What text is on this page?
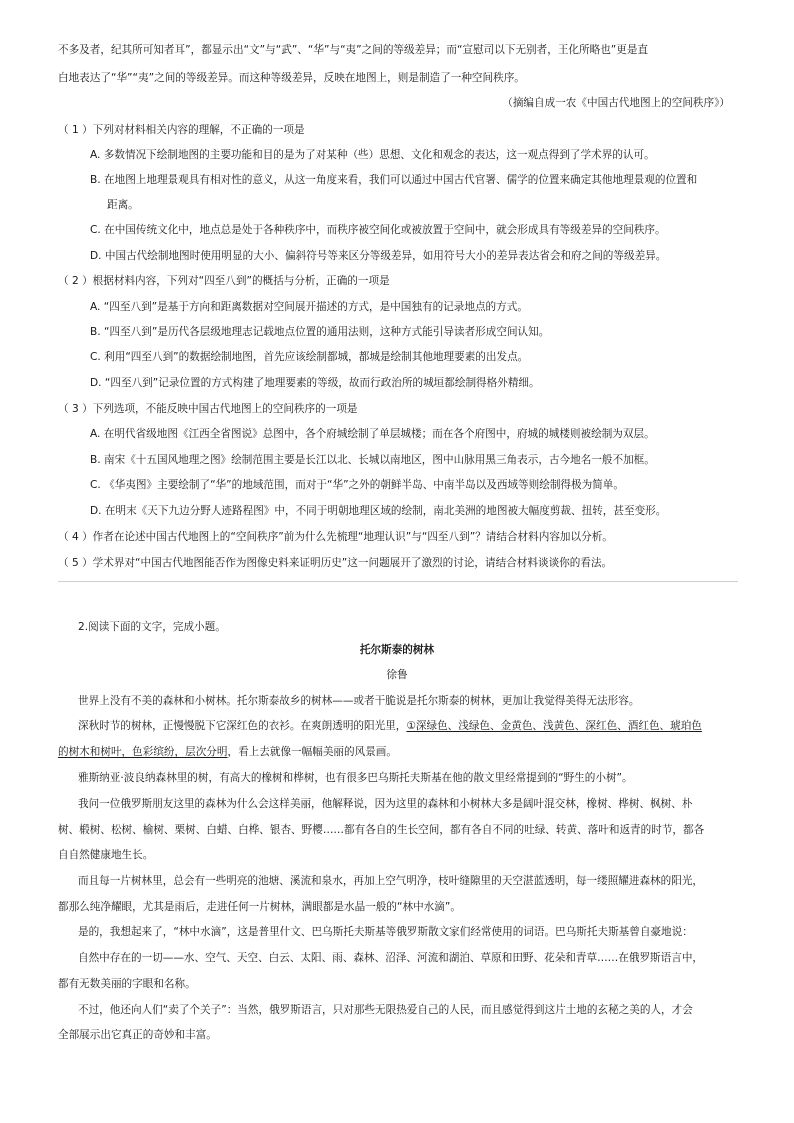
不多及者，纪其所可知者耳”，都显示出“文”与“武”、“华”与“夷”之间的等级差异；而“宣慰司以下无别者，王化所略也”更是直
白地表达了“华”“夷”之间的等级差异。而这种等级差异，反映在地图上，则是制造了一种空间秩序。
（摘编自成一农《中国古代地图上的空间秩序》）
（ 1 ）下列对材料相关内容的理解，不正确的一项是
A. 多数情况下绘制地图的主要功能和目的是为了对某种（些）思想、文化和观念的表达，这一观点得到了学术界的认可。
B. 在地图上地理景观具有相对性的意义，从这一角度来看，我们可以通过中国古代官署、儒学的位置来确定其他地理景观的位置和
距离。
C. 在中国传统文化中，地点总是处于各种秩序中，而秩序被空间化或被放置于空间中，就会形成具有等级差异的空间秩序。
D. 中国古代绘制地图时使用明显的大小、偏斜符号等来区分等级差异，如用符号大小的差异表达省会和府之间的等级差异。
（ 2 ）根据材料内容，下列对“四至八到”的概括与分析，正确的一项是
A. “四至八到”是基于方向和距离数据对空间展开描述的方式，是中国独有的记录地点的方式。
B. “四至八到”是历代各层级地理志记载地点位置的通用法则，这种方式能引导读者形成空间认知。
C. 利用“四至八到”的数据绘制地图，首先应该绘制都城，都城是绘制其他地理要素的出发点。
D. “四至八到”记录位置的方式构建了地理要素的等级，故而行政治所的城垣都绘制得格外精细。
（ 3 ）下列选项，不能反映中国古代地图上的空间秩序的一项是
A. 在明代省级地图《江西全省图说》总图中，各个府城绘制了单层城楼；而在各个府图中，府城的城楼则被绘制为双层。
B. 南宋《十五国风地理之图》绘制范围主要是长江以北、长城以南地区，图中山脉用黑三角表示，古今地名一般不加框。
C. 《华夷图》主要绘制了“华”的地域范围，而对于“华”之外的朝鲜半岛、中南半岛以及西域等则绘制得极为简单。
D. 在明末《天下九边分野人迹路程图》中，不同于明朝地理区域的绘制，南北美洲的地图被大幅度剪裁、扭转，甚至变形。
（ 4 ）作者在论述中国古代地图上的“空间秩序”前为什么先梳理“地理认识”与“四至八到”？请结合材料内容加以分析。
（ 5 ）学术界对“中国古代地图能否作为图像史料来证明历史”这一问题展开了激烈的讨论，请结合材料谈谈你的看法。
2.阅读下面的文字，完成小题。
托尔斯泰的树林
徐鲁
世界上没有不美的森林和小树林。托尔斯泰故乡的树林——或者干脆说是托尔斯泰的树林，更加让我觉得美得无法形容。
深秋时节的树林，正慢慢脱下它深红色的衣衫。在爽朗透明的阳光里，①深绿色、浅绿色、金黄色、浅黄色、深红色、酒红色、琥珀色
的树木和树叶，色彩缤纷，层次分明，看上去就像一幅幅美丽的风景画。
雅斯纳亚·波良纳森林里的树，有高大的橡树和桦树，也有很多巴乌斯托夫斯基在他的散文里经常提到的“野生的小树”。
我问一位俄罗斯朋友这里的森林为什么会这样美丽，他解释说，因为这里的森林和小树林大多是阔叶混交林，橡树、桦树、枫树、朴
树、椴树、松树、榆树、栗树、白蜡、白桦、银杏、野樱……都有各自的生长空间，都有各自不同的吐绿、转黄、落叶和返青的时节，都各
自自然健康地生长。
而且每一片树林里，总会有一些明亮的池塘、溪流和泉水，再加上空气明净，枝叶缝隙里的天空湛蓝透明，每一缕照耀进森林的阳光，
都那么纯净耀眼，尤其是雨后，走进任何一片树林，满眼都是水晶一般的“林中水滴”。
是的，我想起来了，“林中水滴”，这是普里什文、巴乌斯托夫斯基等俄罗斯散文家们经常使用的词语。巴乌斯托夫斯基曾自豪地说：
自然中存在的一切——水、空气、天空、白云、太阳、雨、森林、沼泽、河流和湖泊、草原和田野、花朵和青草……在俄罗斯语言中，
都有无数美丽的字眼和名称。
不过，他还向人们“卖了个关子”：当然，俄罗斯语言，只对那些无限热爱自己的人民，而且感觉得到这片土地的玄秘之美的人，才会
全部展示出它真正的奇妙和丰富。
